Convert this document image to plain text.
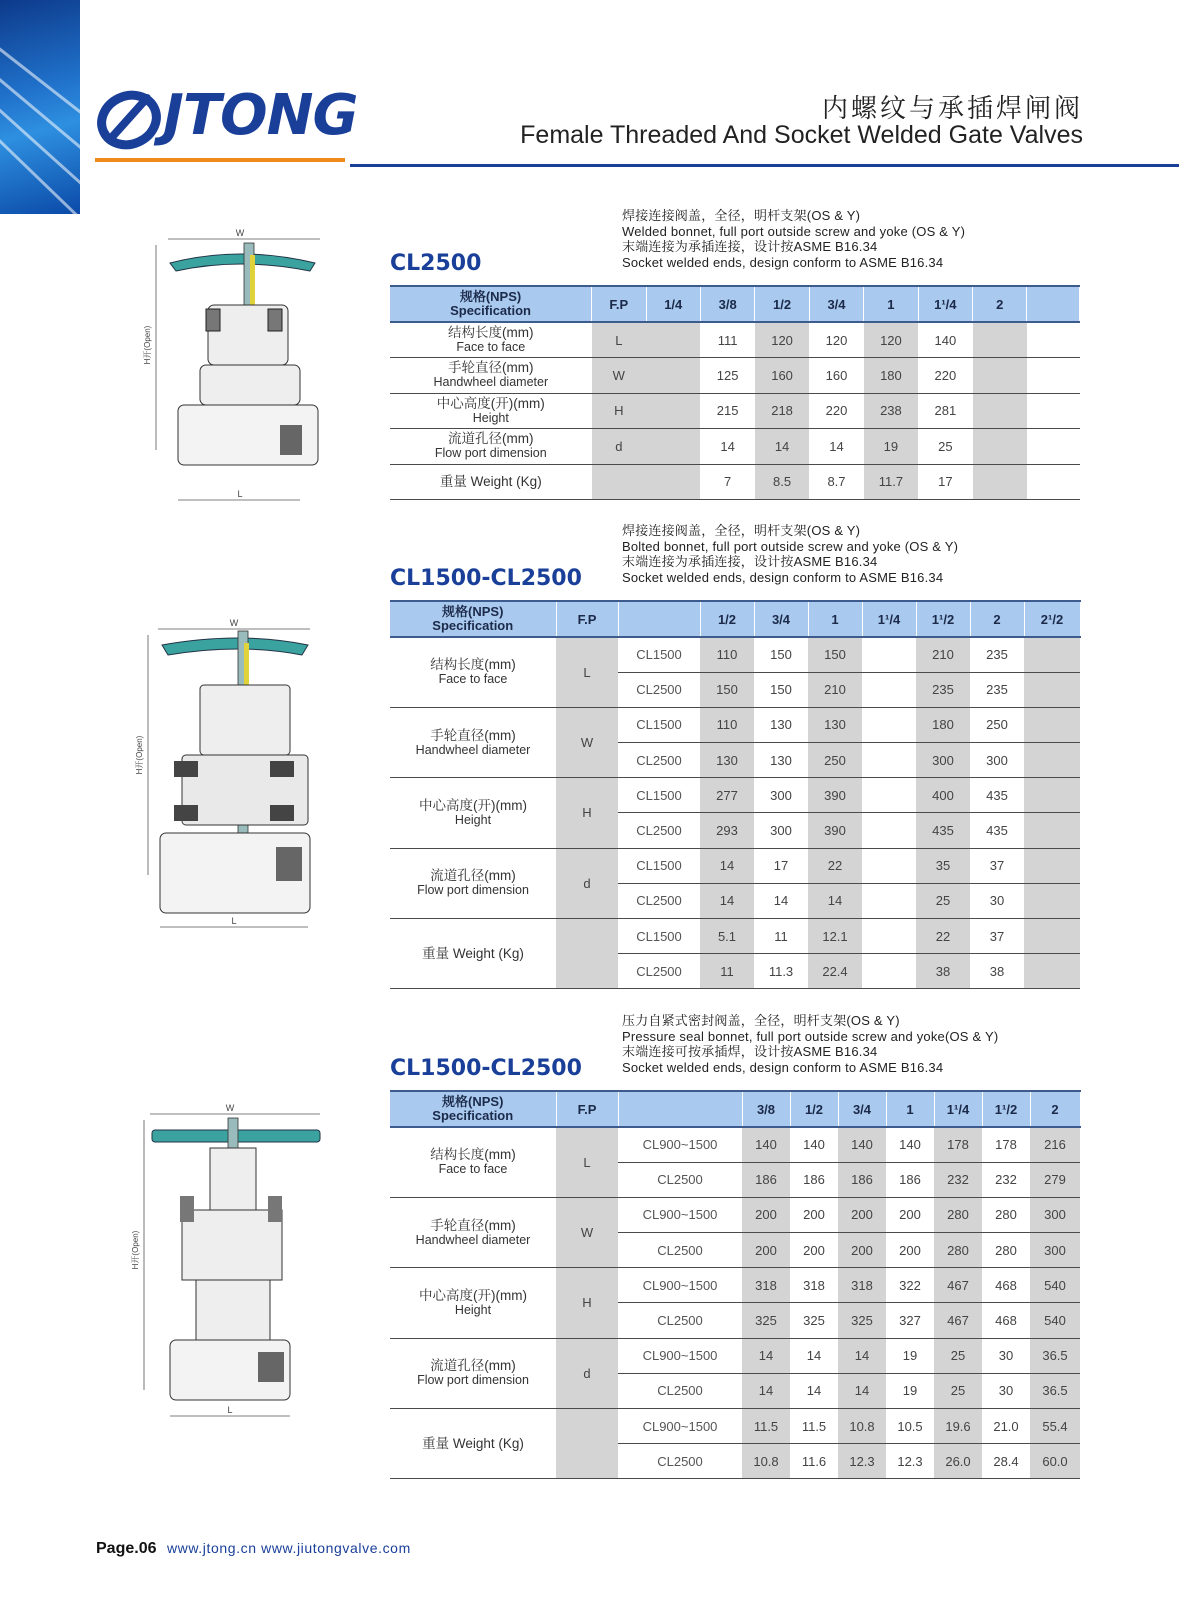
JTONG	内螺纹与承插焊闸阀
Female Threaded And Socket Welded Gate Valves
焊接连接阀盖，全径，明杆支架(OS & Y)
Welded bonnet, full port outside screw and yoke (OS & Y)
末端连接为承插连接，设计按ASME B16.34
Socket welded ends, design conform to ASME B16.34
CL2500
规格(NPS)
Specification	F.P	1/4	3/8	1/2	3/4	1	1¹/4	2	

结构长度(mm)
Face to face	L		111	120	120	120	140		

手轮直径(mm)
Handwheel diameter	W		125	160	160	180	220		

中心高度(开)(mm)
Height	H		215	218	220	238	281		

流道孔径(mm)
Flow port dimension	d		14	14	14	19	25		

重量 Weight (Kg)			7	8.5	8.7	11.7	17		
焊接连接阀盖，全径，明杆支架(OS & Y)
Bolted bonnet, full port outside screw and yoke (OS & Y)
末端连接为承插连接，设计按ASME B16.34
Socket welded ends, design conform to ASME B16.34
CL1500-CL2500
规格(NPS)
Specification	F.P		1/2	3/4	1	1¹/4	1¹/2	2	2¹/2

结构长度(mm)
Face to face	L	CL1500	110	150	150		210	235	
		CL2500	150	150	210		235	235	

手轮直径(mm)
Handwheel diameter	W	CL1500	110	130	130		180	250	
		CL2500	130	130	250		300	300	

中心高度(开)(mm)
Height	H	CL1500	277	300	390		400	435	
		CL2500	293	300	390		435	435	

流道孔径(mm)
Flow port dimension	d	CL1500	14	17	22		35	37	
		CL2500	14	14	14		25	30	

重量 Weight (Kg)		CL1500	5.1	11	12.1		22	37	
		CL2500	11	11.3	22.4		38	38	
压力自紧式密封阀盖，全径，明杆支架(OS & Y)
Pressure seal bonnet, full port outside screw and yoke(OS & Y)
末端连接可按承插焊，设计按ASME B16.34
Socket welded ends, design conform to ASME B16.34
CL1500-CL2500
规格(NPS)
Specification	F.P		3/8	1/2	3/4	1	1¹/4	1¹/2	2

结构长度(mm)
Face to face	L	CL900~1500	140	140	140	140	178	178	216
		CL2500	186	186	186	186	232	232	279

手轮直径(mm)
Handwheel diameter	W	CL900~1500	200	200	200	200	280	280	300
		CL2500	200	200	200	200	280	280	300

中心高度(开)(mm)
Height	H	CL900~1500	318	318	318	322	467	468	540
		CL2500	325	325	325	327	467	468	540

流道孔径(mm)
Flow port dimension	d	CL900~1500	14	14	14	19	25	30	36.5
		CL2500	14	14	14	19	25	30	36.5

重量 Weight (Kg)		CL900~1500	11.5	11.5	10.8	10.5	19.6	21.0	55.4
		CL2500	10.8	11.6	12.3	12.3	26.0	28.4	60.0
W
H开(Open)
L
W
H开(Open)
L
W
H开(Open)
L
Page.06 www.jtong.cn www.jiutongvalve.com
